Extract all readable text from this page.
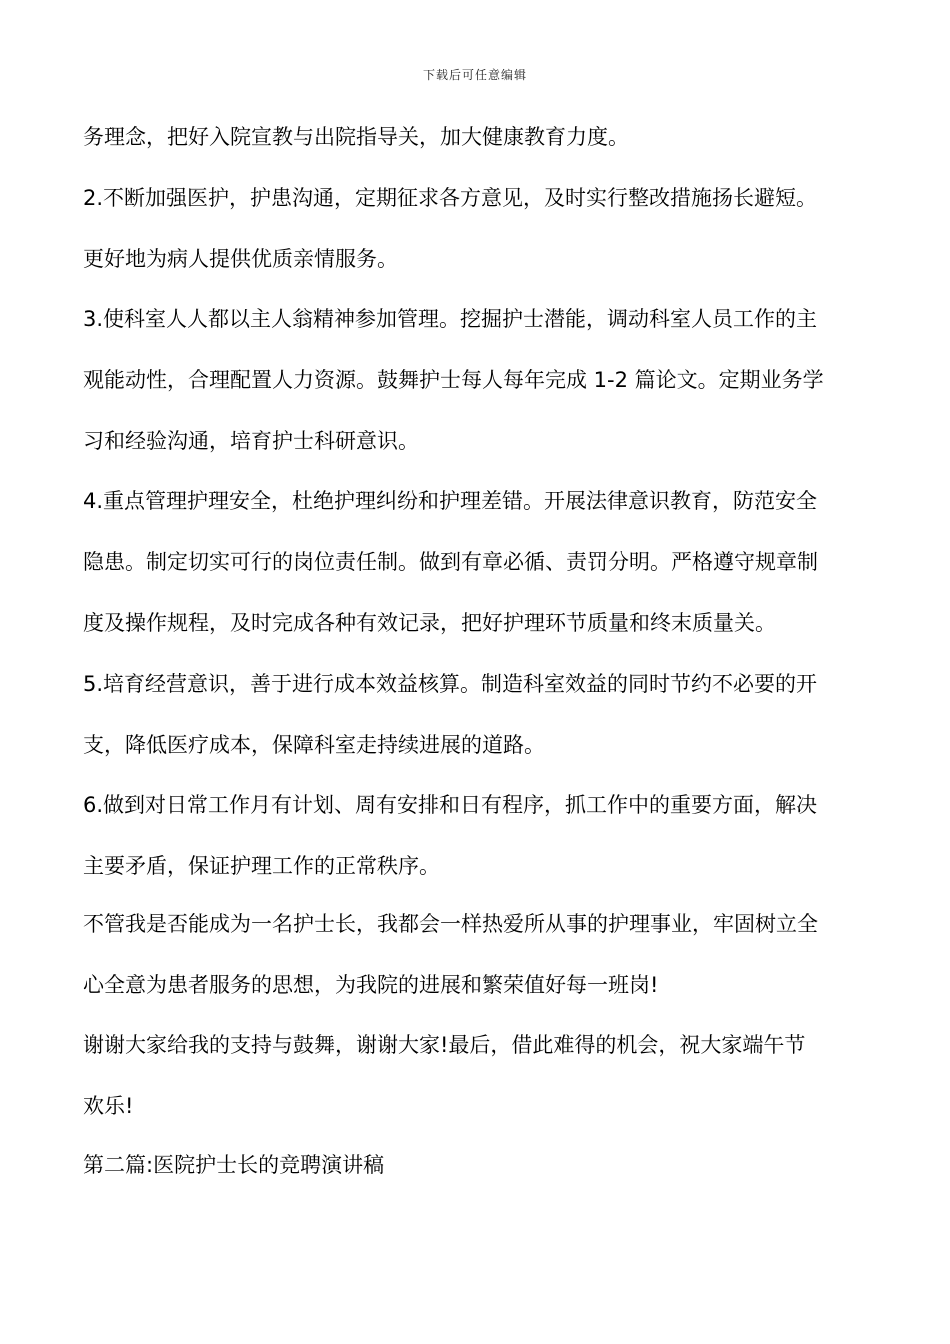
下载后可任意编辑
务理念，把好入院宣教与出院指导关，加大健康教育力度。
2.不断加强医护，护患沟通，定期征求各方意见，及时实行整改措施扬长避短。
更好地为病人提供优质亲情服务。
3.使科室人人都以主人翁精神参加管理。挖掘护士潜能，调动科室人员工作的主
观能动性，合理配置人力资源。鼓舞护士每人每年完成 1-2 篇论文。定期业务学
习和经验沟通，培育护士科研意识。
4.重点管理护理安全，杜绝护理纠纷和护理差错。开展法律意识教育，防范安全
隐患。制定切实可行的岗位责任制。做到有章必循、责罚分明。严格遵守规章制
度及操作规程，及时完成各种有效记录，把好护理环节质量和终末质量关。
5.培育经营意识，善于进行成本效益核算。制造科室效益的同时节约不必要的开
支，降低医疗成本，保障科室走持续进展的道路。
6.做到对日常工作月有计划、周有安排和日有程序，抓工作中的重要方面，解决
主要矛盾，保证护理工作的正常秩序。
不管我是否能成为一名护士长，我都会一样热爱所从事的护理事业，牢固树立全
心全意为患者服务的思想，为我院的进展和繁荣值好每一班岗!
谢谢大家给我的支持与鼓舞，谢谢大家!最后，借此难得的机会，祝大家端午节
欢乐!
第二篇:医院护士长的竞聘演讲稿
